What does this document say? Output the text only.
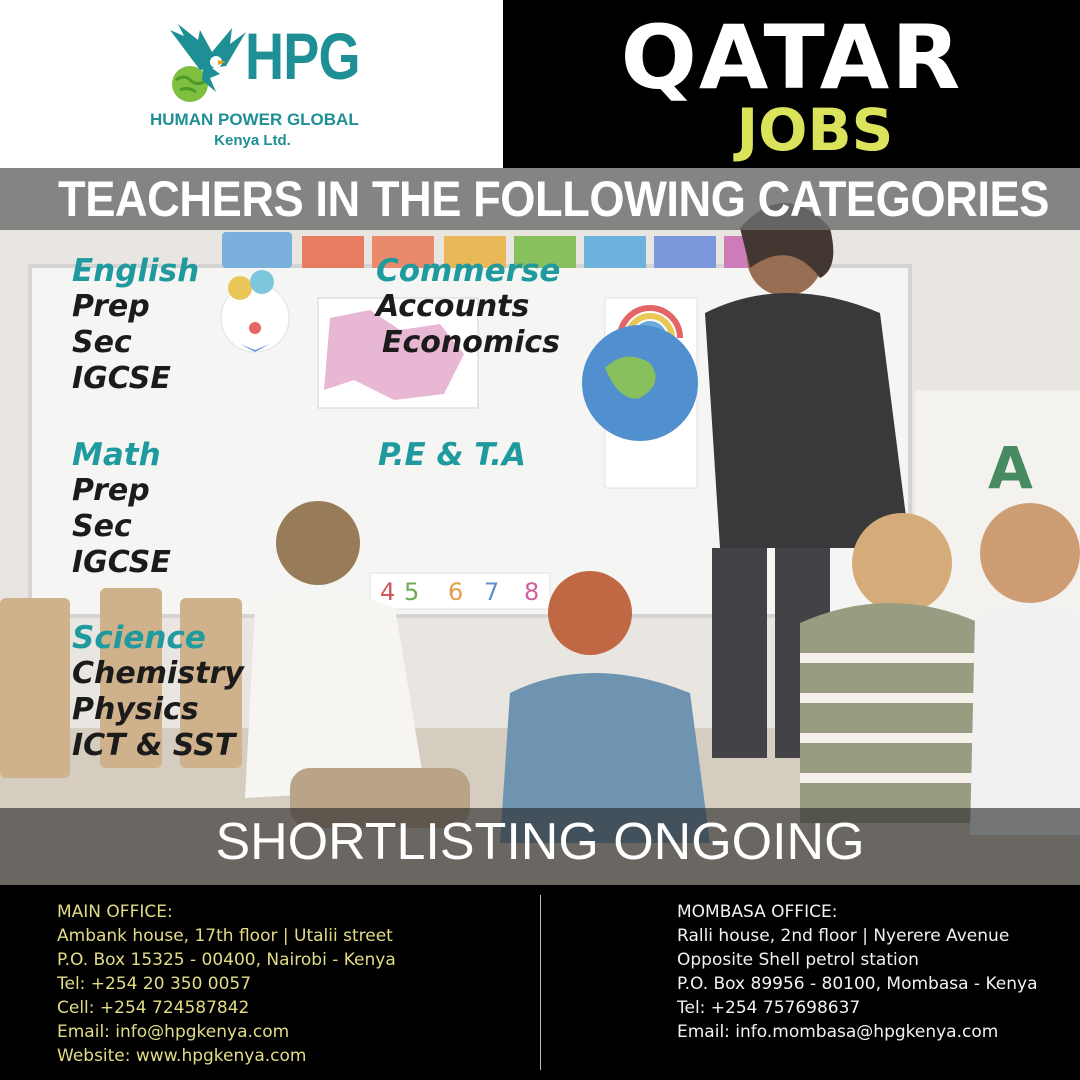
HPG
HUMAN POWER GLOBAL
Kenya Ltd.
QATAR
JOBS
4 5 6 7 8
A
TEACHERS IN THE FOLLOWING CATEGORIES
English
Prep
Sec
IGCSE
Commerse
Accounts
Economics
Math
Prep
Sec
IGCSE
P.E & T.A
Science
Chemistry
Physics
ICT & SST
SHORTLISTING ONGOING
MAIN OFFICE:
Ambank house, 17th floor | Utalii street
P.O. Box 15325 - 00400, Nairobi - Kenya
Tel: +254 20 350 0057
Cell: +254 724587842
Email: info@hpgkenya.com
Website: www.hpgkenya.com
MOMBASA OFFICE:
Ralli house, 2nd floor | Nyerere Avenue
Opposite Shell petrol station
P.O. Box 89956 - 80100, Mombasa - Kenya
Tel: +254 757698637
Email: info.mombasa@hpgkenya.com
